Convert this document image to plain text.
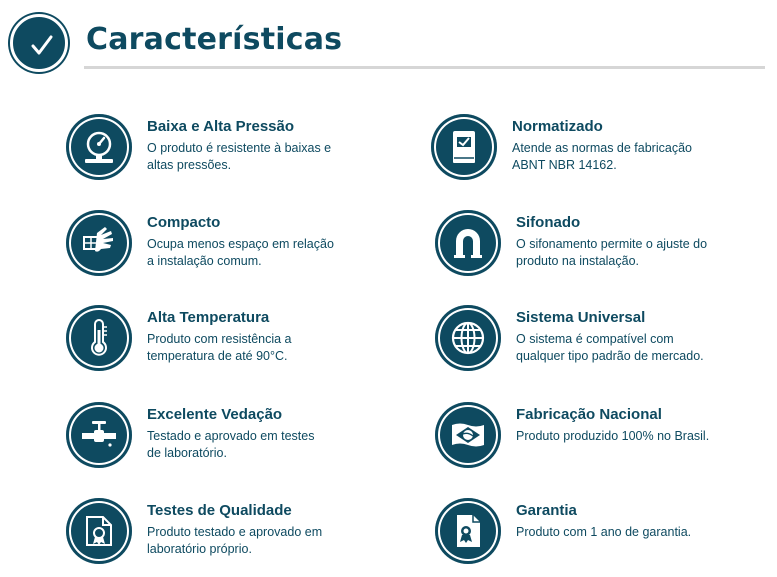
Características
Baixa e Alta Pressão
O produto é resistente à baixas e
altas pressões.
Compacto
Ocupa menos espaço em relação
a instalação comum.
Alta Temperatura
Produto com resistência a
temperatura de até 90°C.
Excelente Vedação
Testado e aprovado em testes
de laboratório.
Testes de Qualidade
Produto testado e aprovado em
laboratório próprio.
Normatizado
Atende as normas de fabricação
ABNT NBR 14162.
Sifonado
O sifonamento permite o ajuste do
produto na instalação.
Sistema Universal
O sistema é compatível com
qualquer tipo padrão de mercado.
Fabricação Nacional
Produto produzido 100% no Brasil.
Garantia
Produto com 1 ano de garantia.
